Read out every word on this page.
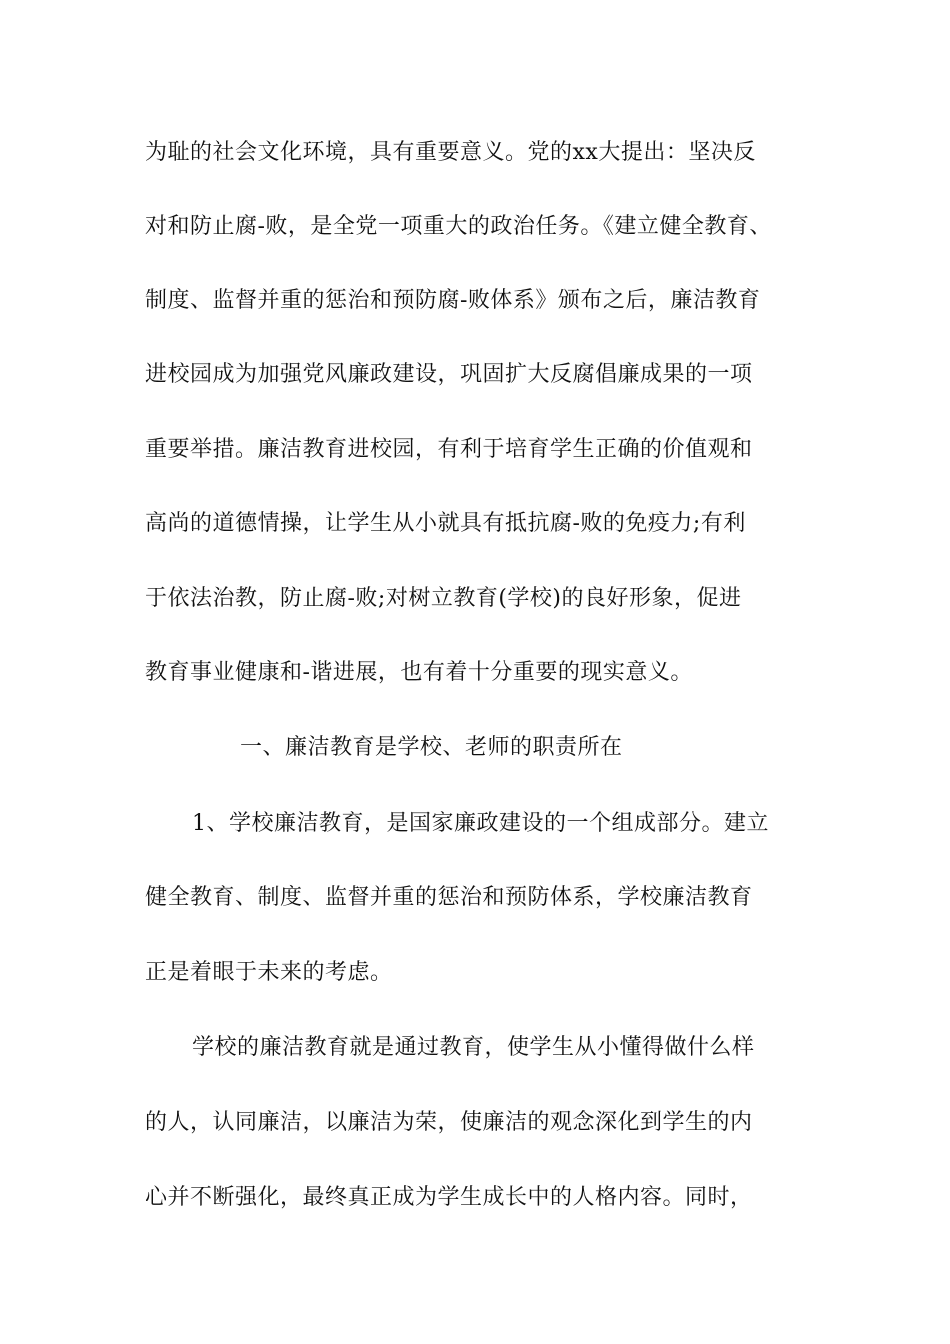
为耻的社会文化环境，具有重要意义。党的xx大提出：坚决反
对和防止腐-败，是全党一项重大的政治任务。《建立健全教育、
制度、监督并重的惩治和预防腐-败体系》颁布之后，廉洁教育
进校园成为加强党风廉政建设，巩固扩大反腐倡廉成果的一项
重要举措。廉洁教育进校园，有利于培育学生正确的价值观和
高尚的道德情操，让学生从小就具有抵抗腐-败的免疫力;有利
于依法治教，防止腐-败;对树立教育(学校)的良好形象，促进
教育事业健康和-谐进展，也有着十分重要的现实意义。
一、廉洁教育是学校、老师的职责所在
1、学校廉洁教育，是国家廉政建设的一个组成部分。建立
健全教育、制度、监督并重的惩治和预防体系，学校廉洁教育
正是着眼于未来的考虑。
学校的廉洁教育就是通过教育，使学生从小懂得做什么样
的人，认同廉洁，以廉洁为荣，使廉洁的观念深化到学生的内
心并不断强化，最终真正成为学生成长中的人格内容。同时，
